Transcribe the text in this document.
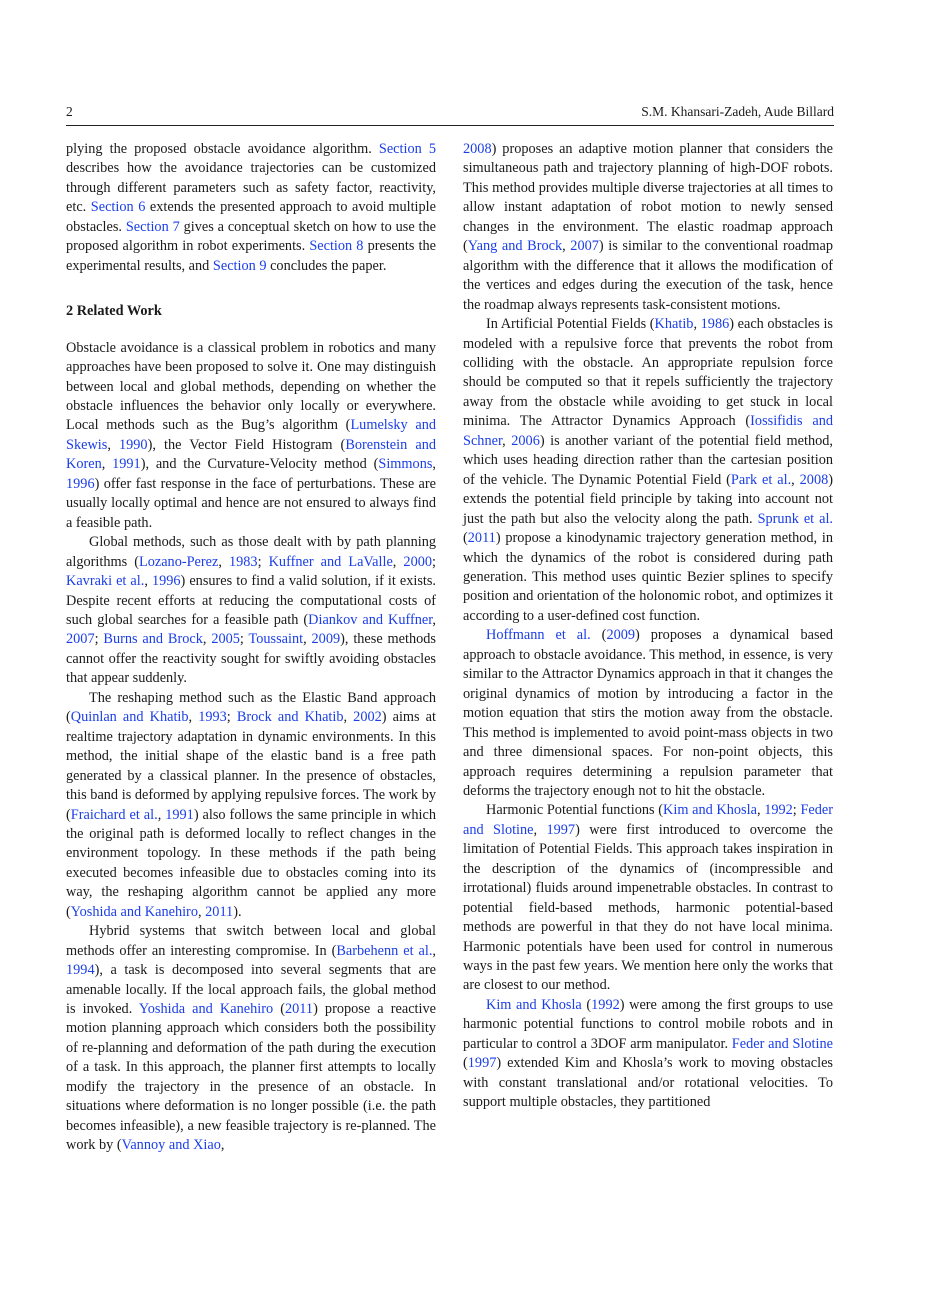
2	S.M. Khansari-Zadeh, Aude Billard

plying the proposed obstacle avoidance algorithm. Section 5 describes how the avoidance trajectories can be customized through different parameters such as safety factor, reactivity, etc. Section 6 extends the presented approach to avoid multiple obstacles. Section 7 gives a conceptual sketch on how to use the proposed algorithm in robot experiments. Section 8 presents the experimental results, and Section 9 concludes the paper.

2 Related Work

Obstacle avoidance is a classical problem in robotics and many approaches have been proposed to solve it. One may distinguish between local and global methods, depending on whether the obstacle influences the behavior only locally or everywhere. Local methods such as the Bug’s algorithm (Lumelsky and Skewis, 1990), the Vector Field Histogram (Borenstein and Koren, 1991), and the Curvature-Velocity method (Simmons, 1996) offer fast response in the face of perturbations. These are usually locally optimal and hence are not ensured to always find a feasible path.

Global methods, such as those dealt with by path planning algorithms (Lozano-Perez, 1983; Kuffner and LaValle, 2000; Kavraki et al., 1996) ensures to find a valid solution, if it exists. Despite recent efforts at reducing the computational costs of such global searches for a feasible path (Diankov and Kuffner, 2007; Burns and Brock, 2005; Toussaint, 2009), these methods cannot offer the reactivity sought for swiftly avoiding obstacles that appear suddenly.

The reshaping method such as the Elastic Band approach (Quinlan and Khatib, 1993; Brock and Khatib, 2002) aims at realtime trajectory adaptation in dynamic environments. In this method, the initial shape of the elastic band is a free path generated by a classical planner. In the presence of obstacles, this band is deformed by applying repulsive forces. The work by (Fraichard et al., 1991) also follows the same principle in which the original path is deformed locally to reflect changes in the environment topology. In these methods if the path being executed becomes infeasible due to obstacles coming into its way, the reshaping algorithm cannot be applied any more (Yoshida and Kanehiro, 2011).

Hybrid systems that switch between local and global methods offer an interesting compromise. In (Barbehenn et al., 1994), a task is decomposed into several segments that are amenable locally. If the local approach fails, the global method is invoked. Yoshida and Kanehiro (2011) propose a reactive motion planning approach which considers both the possibility of re-planning and deformation of the path during the execution of a task. In this approach, the planner first attempts to locally modify the trajectory in the presence of an obstacle. In situations where deformation is no longer possible (i.e. the path becomes infeasible), a new feasible trajectory is re-planned. The work by (Vannoy and Xiao,

2008) proposes an adaptive motion planner that considers the simultaneous path and trajectory planning of high-DOF robots. This method provides multiple diverse trajectories at all times to allow instant adaptation of robot motion to newly sensed changes in the environment. The elastic roadmap approach (Yang and Brock, 2007) is similar to the conventional roadmap algorithm with the difference that it allows the modification of the vertices and edges during the execution of the task, hence the roadmap always represents task-consistent motions.

In Artificial Potential Fields (Khatib, 1986) each obstacles is modeled with a repulsive force that prevents the robot from colliding with the obstacle. An appropriate repulsion force should be computed so that it repels sufficiently the trajectory away from the obstacle while avoiding to get stuck in local minima. The Attractor Dynamics Approach (Iossifidis and Schner, 2006) is another variant of the potential field method, which uses heading direction rather than the cartesian position of the vehicle. The Dynamic Potential Field (Park et al., 2008) extends the potential field principle by taking into account not just the path but also the velocity along the path. Sprunk et al. (2011) propose a kinodynamic trajectory generation method, in which the dynamics of the robot is considered during path generation. This method uses quintic Bezier splines to specify position and orientation of the holonomic robot, and optimizes it according to a user-defined cost function.

Hoffmann et al. (2009) proposes a dynamical based approach to obstacle avoidance. This method, in essence, is very similar to the Attractor Dynamics approach in that it changes the original dynamics of motion by introducing a factor in the motion equation that stirs the motion away from the obstacle. This method is implemented to avoid point-mass objects in two and three dimensional spaces. For non-point objects, this approach requires determining a repulsion parameter that deforms the trajectory enough not to hit the obstacle.

Harmonic Potential functions (Kim and Khosla, 1992; Feder and Slotine, 1997) were first introduced to overcome the limitation of Potential Fields. This approach takes inspiration in the description of the dynamics of (incompressible and irrotational) fluids around impenetrable obstacles. In contrast to potential field-based methods, harmonic potential-based methods are powerful in that they do not have local minima. Harmonic potentials have been used for control in numerous ways in the past few years. We mention here only the works that are closest to our method.

Kim and Khosla (1992) were among the first groups to use harmonic potential functions to control mobile robots and in particular to control a 3DOF arm manipulator. Feder and Slotine (1997) extended Kim and Khosla’s work to moving obstacles with constant translational and/or rotational velocities. To support multiple obstacles, they partitioned
